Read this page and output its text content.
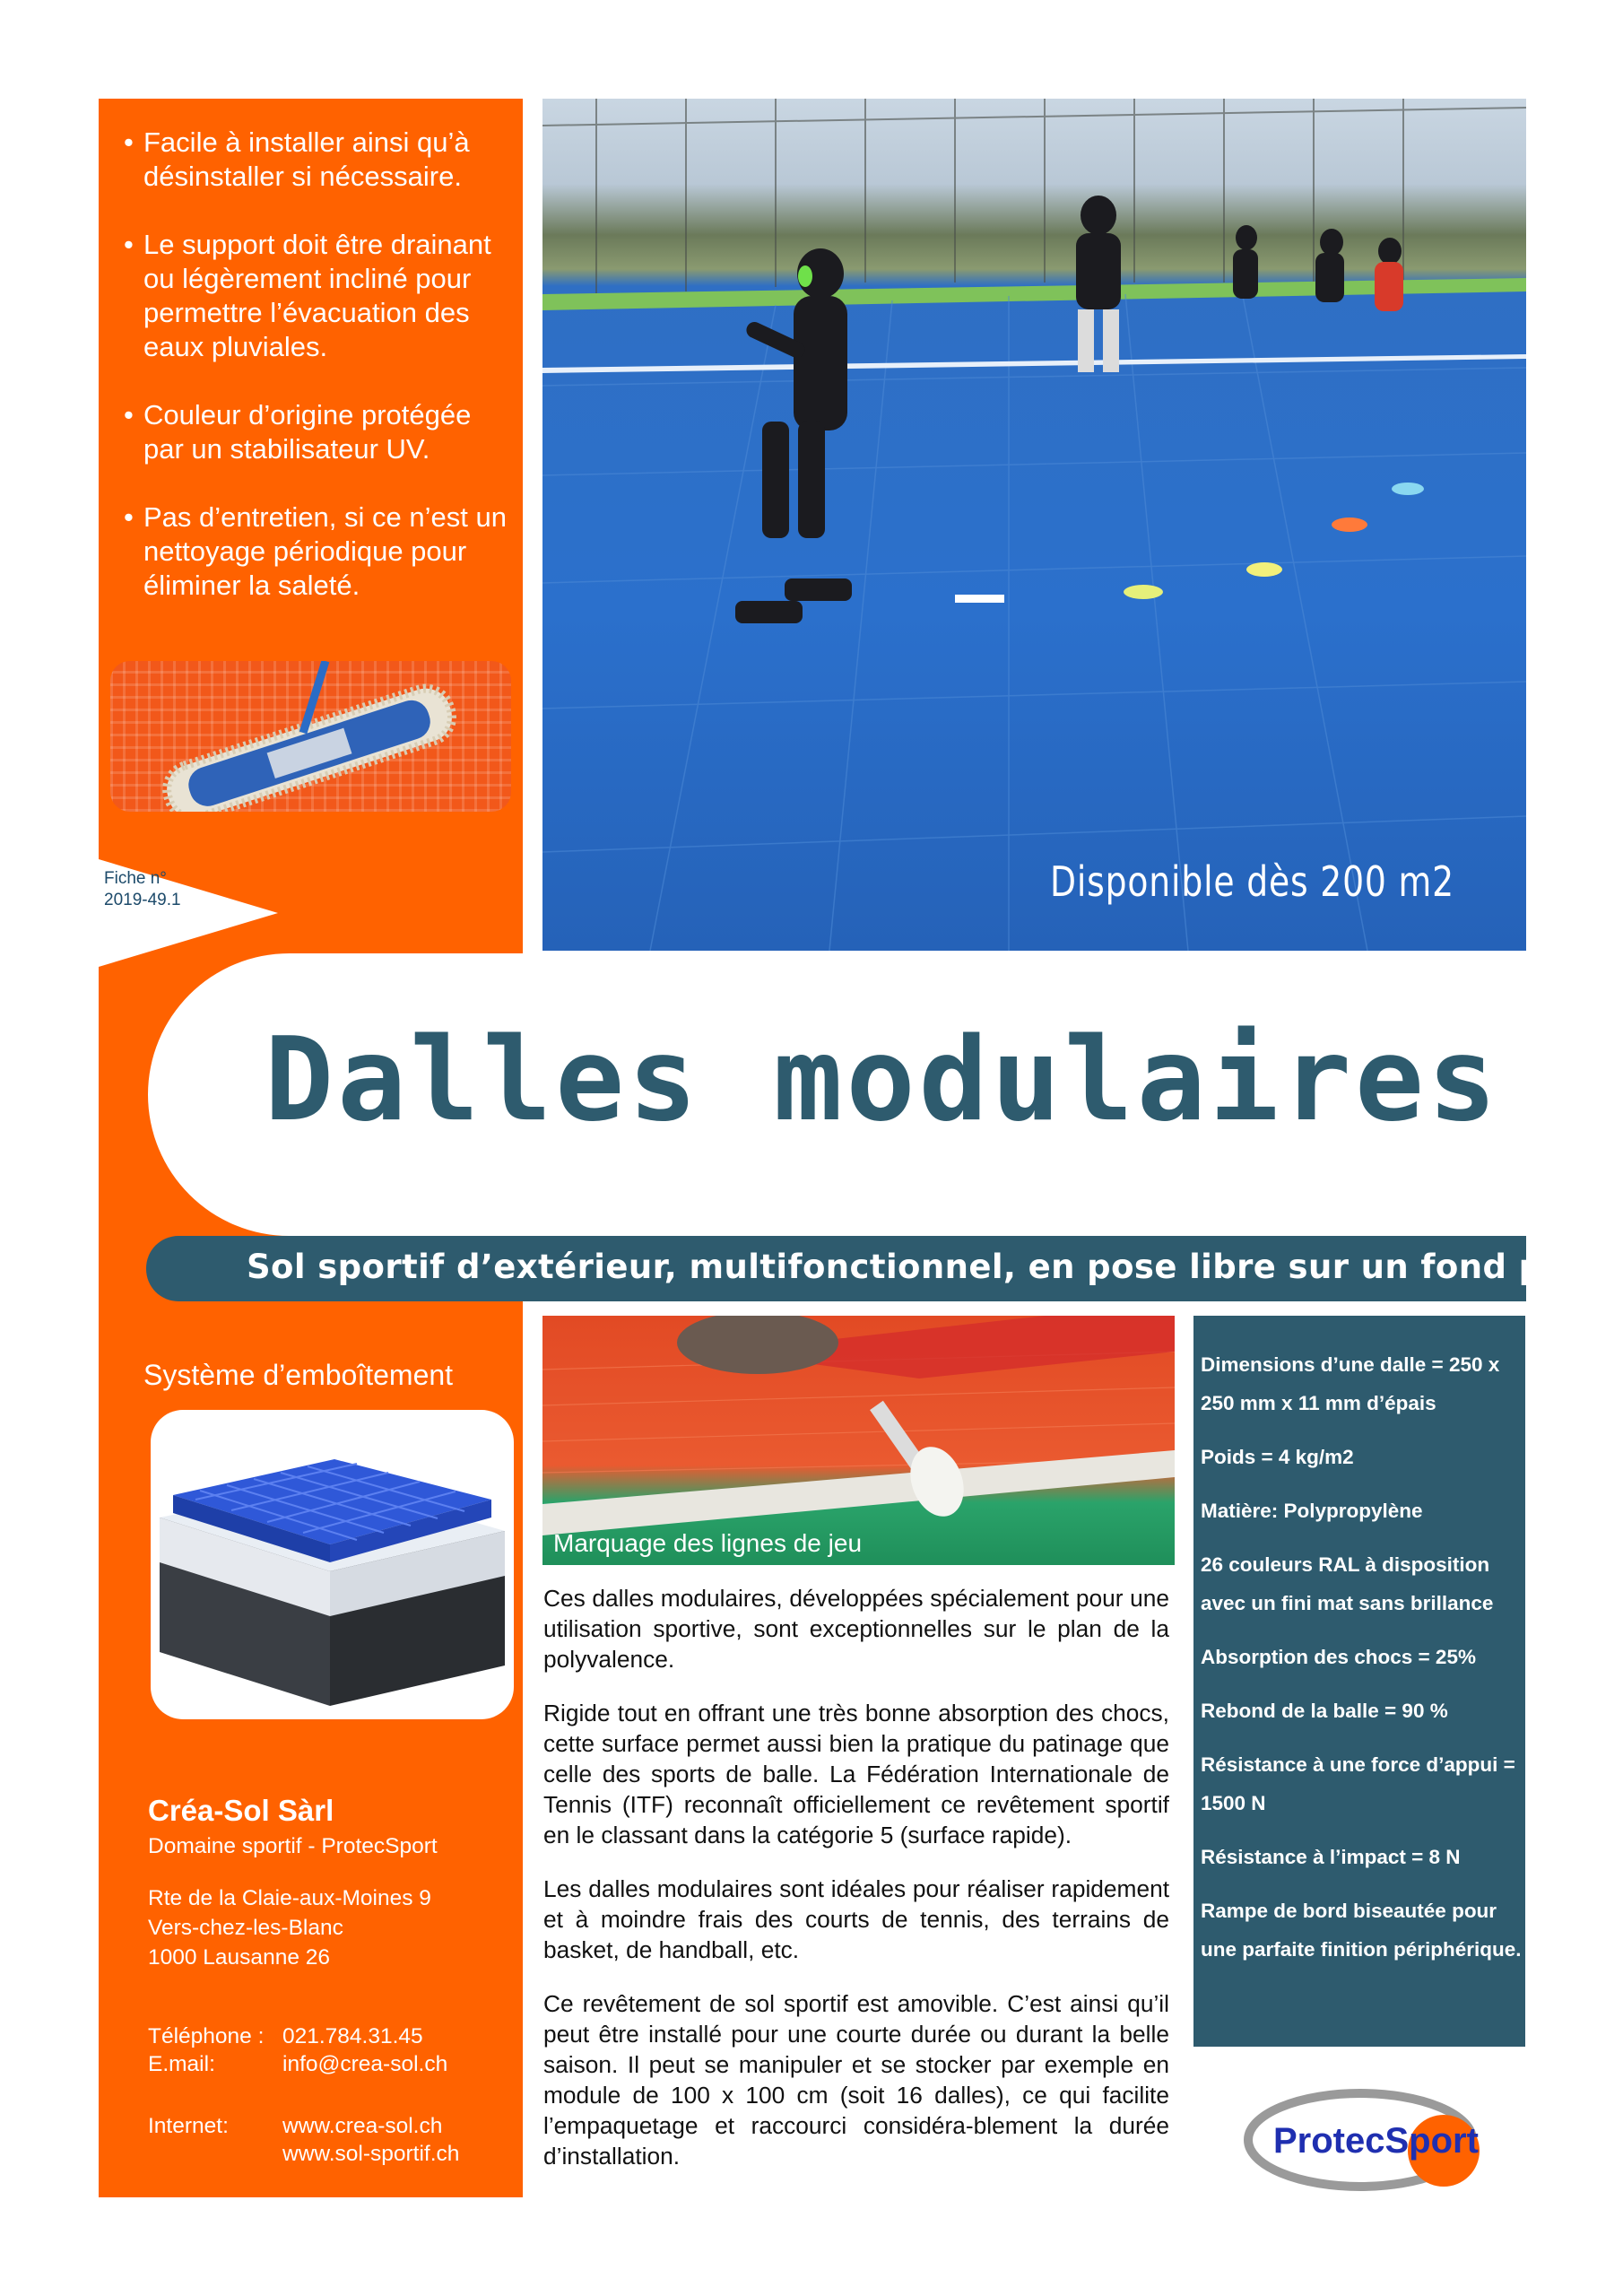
• Facile à installer ainsi qu’à désinstaller si nécessaire.
• Le support doit être drainant ou légèrement incliné pour permettre l’évacuation des eaux pluviales.
• Couleur d’origine protégée par un stabilisateur UV.
• Pas d’entretien, si ce n’est un nettoyage périodique pour éliminer la saleté.
Fiche n°
2019-49.1	Disponible dès 200 m2
Dalles modulaires
Sol sportif d’extérieur, multifonctionnel, en pose libre sur un fond plat
Système d’emboîtement
Créa-Sol Sàrl
Domaine sportif - ProtecSport
Rte de la Claie-aux-Moines 9
Vers-chez-les-Blanc
1000 Lausanne 26
Téléphone : 021.784.31.45
E.mail:	info@crea-sol.ch
Internet: www.crea-sol.ch
www.sol-sportif.ch
Marquage des lignes de jeu

Ces dalles modulaires, développées spécialement pour une utilisation sportive, sont exceptionnelles sur le plan de la polyvalence.

Rigide tout en offrant une très bonne absorption des chocs, cette surface permet aussi bien la pratique du patinage que celle des sports de balle. La Fédération Internationale de Tennis (ITF) reconnaît officiellement ce revêtement sportif en le classant dans la catégorie 5 (surface rapide).

Les dalles modulaires sont idéales pour réaliser rapidement et à moindre frais des courts de tennis, des terrains de basket, de handball, etc.

Ce revêtement de sol sportif est amovible. C’est ainsi qu’il peut être installé pour une courte durée ou durant la belle saison. Il peut se manipuler et se stocker par exemple en module de 100 x 100 cm (soit 16 dalles), ce qui facilite l’empaquetage et raccourci considéra-blement la durée d’installation.

Dimensions d’une dalle = 250 x 250 mm x 11 mm d’épais

Poids = 4 kg/m2

Matière: Polypropylène

26 couleurs RAL à disposition avec un fini mat sans brillance

Absorption des chocs = 25%

Rebond de la balle = 90 %

Résistance à une force d’appui = 1500 N

Résistance à l’impact = 8 N

Rampe de bord biseautée pour une parfaite finition périphérique.

ProtecSport
